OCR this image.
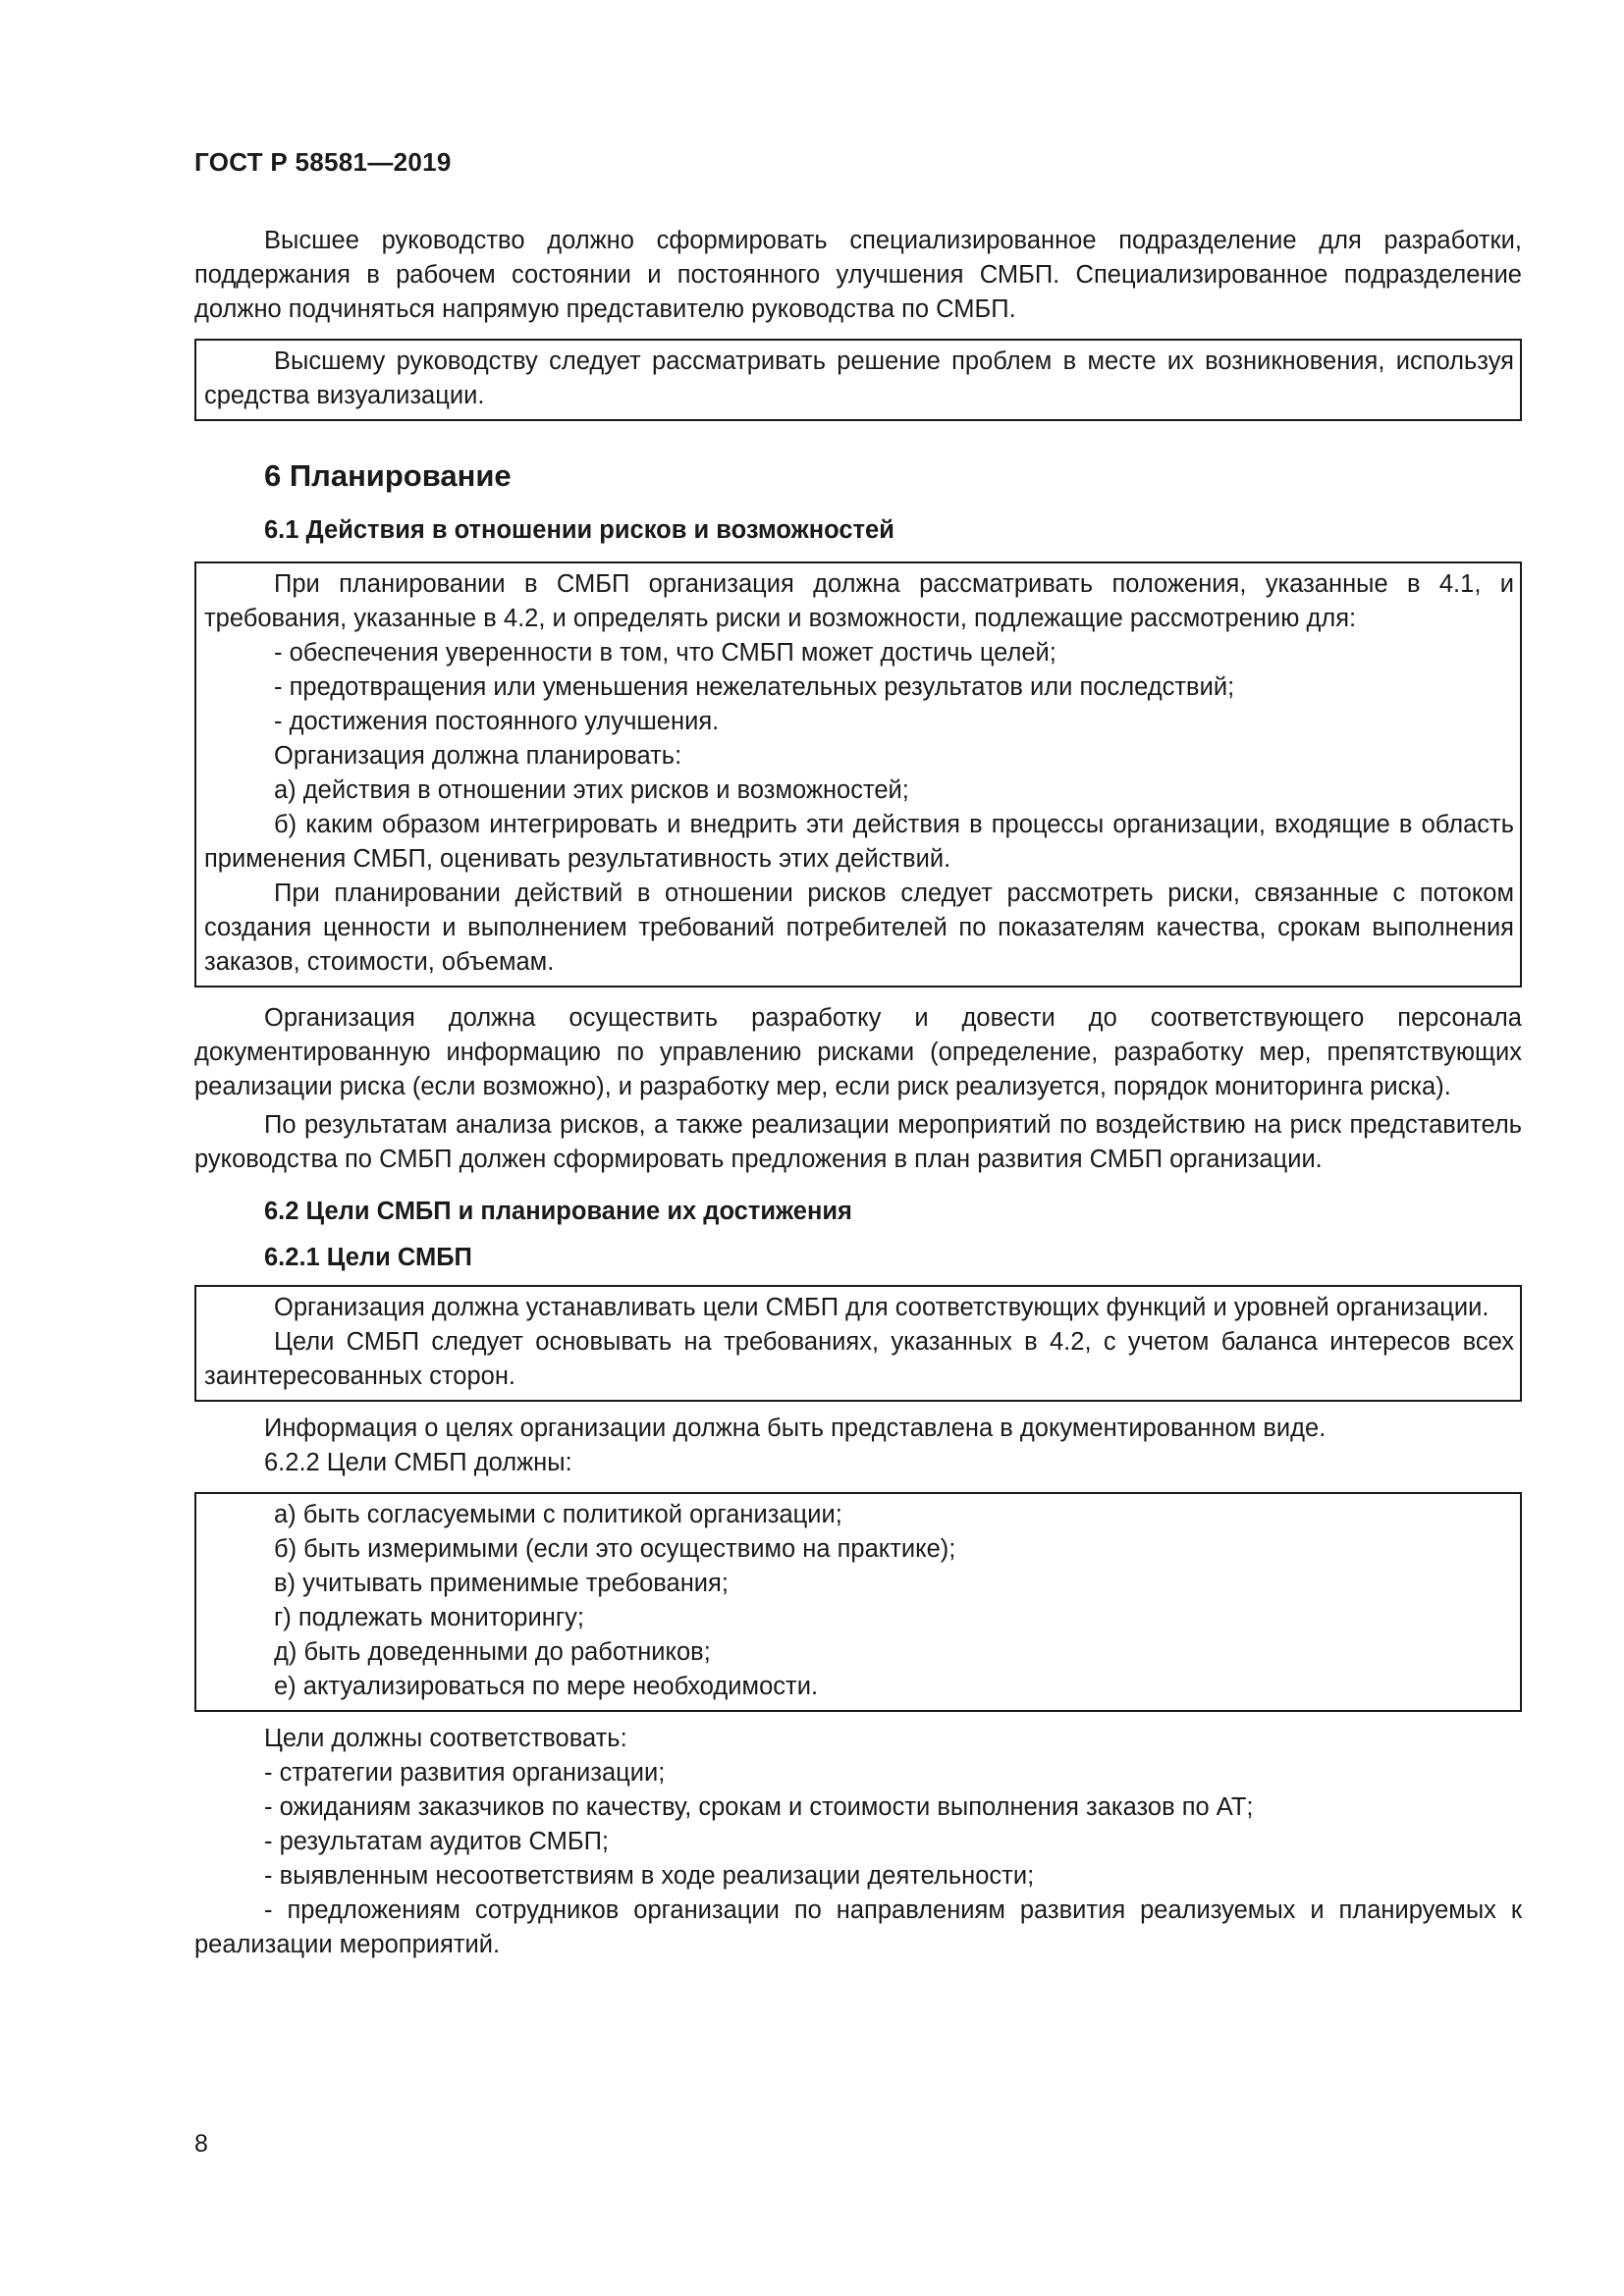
ГОСТ Р 58581—2019

Высшее руководство должно сформировать специализированное подразделение для разработки, поддержания в рабочем состоянии и постоянного улучшения СМБП. Специализированное подразделение должно подчиняться напрямую представителю руководства по СМБП.

Высшему руководству следует рассматривать решение проблем в месте их возникновения, используя средства визуализации.

6 Планирование
6.1 Действия в отношении рисков и возможностей

При планировании в СМБП организация должна рассматривать положения, указанные в 4.1, и требования, указанные в 4.2, и определять риски и возможности, подлежащие рассмотрению для:

- обеспечения уверенности в том, что СМБП может достичь целей;

- предотвращения или уменьшения нежелательных результатов или последствий;

- достижения постоянного улучшения.

Организация должна планировать:

а) действия в отношении этих рисков и возможностей;

б) каким образом интегрировать и внедрить эти действия в процессы организации, входящие в область применения СМБП, оценивать результативность этих действий.

При планировании действий в отношении рисков следует рассмотреть риски, связанные с потоком создания ценности и выполнением требований потребителей по показателям качества, срокам выполнения заказов, стоимости, объемам.

Организация должна осуществить разработку и довести до соответствующего персонала документированную информацию по управлению рисками (определение, разработку мер, препятствующих реализации риска (если возможно), и разработку мер, если риск реализуется, порядок мониторинга риска).

По результатам анализа рисков, а также реализации мероприятий по воздействию на риск представитель руководства по СМБП должен сформировать предложения в план развития СМБП организации.

6.2 Цели СМБП и планирование их достижения
6.2.1 Цели СМБП

Организация должна устанавливать цели СМБП для соответствующих функций и уровней организации.

Цели СМБП следует основывать на требованиях, указанных в 4.2, с учетом баланса интересов всех заинтересованных сторон.

Информация о целях организации должна быть представлена в документированном виде.

6.2.2 Цели СМБП должны:

а) быть согласуемыми с политикой организации;

б) быть измеримыми (если это осуществимо на практике);

в) учитывать применимые требования;

г) подлежать мониторингу;

д) быть доведенными до работников;

е) актуализироваться по мере необходимости.

Цели должны соответствовать:

- стратегии развития организации;

- ожиданиям заказчиков по качеству, срокам и стоимости выполнения заказов по АТ;

- результатам аудитов СМБП;

- выявленным несоответствиям в ходе реализации деятельности;

- предложениям сотрудников организации по направлениям развития реализуемых и планируемых к реализации мероприятий.

8
